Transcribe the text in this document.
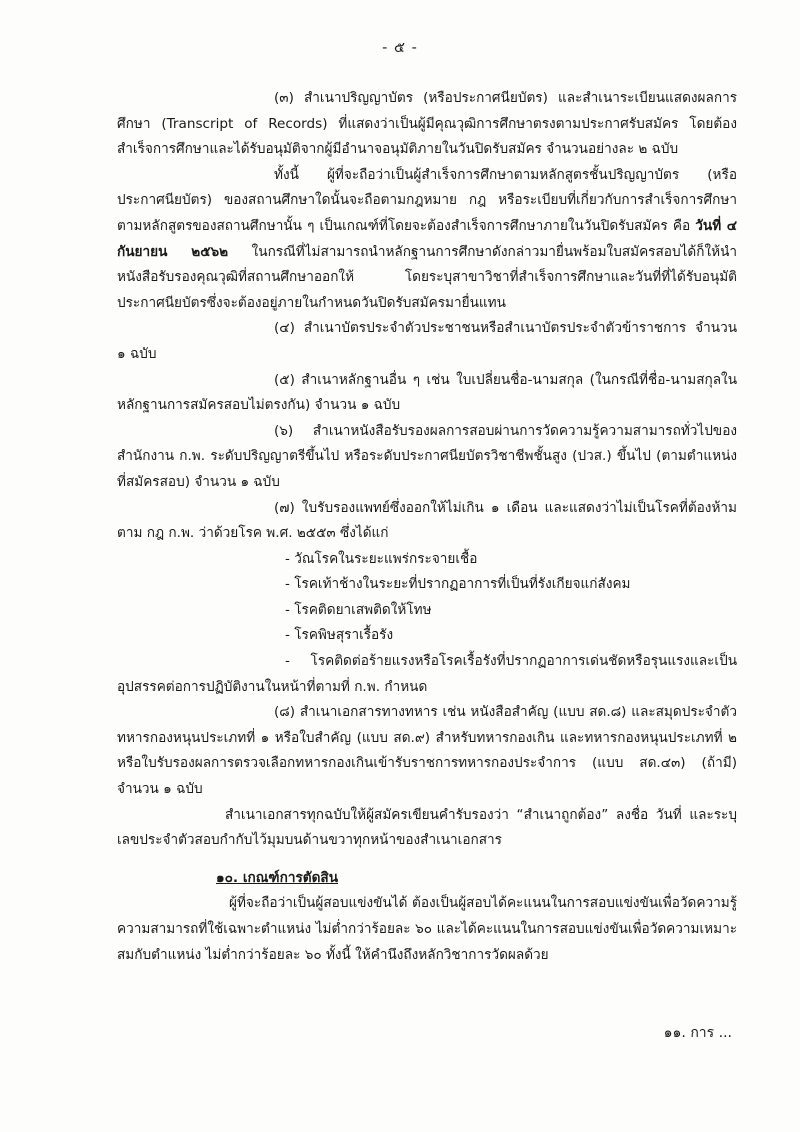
- ๕ -

(๓) สำเนาปริญญาบัตร (หรือประกาศนียบัตร) และสำเนาระเบียนแสดงผลการศึกษา (Transcript of Records) ที่แสดงว่าเป็นผู้มีคุณวุฒิการศึกษาตรงตามประกาศรับสมัคร โดยต้องสำเร็จการศึกษาและได้รับอนุมัติจากผู้มีอำนาจอนุมัติภายในวันปิดรับสมัคร จำนวนอย่างละ ๒ ฉบับ

ทั้งนี้ ผู้ที่จะถือว่าเป็นผู้สำเร็จการศึกษาตามหลักสูตรชั้นปริญญาบัตร (หรือประกาศนียบัตร) ของสถานศึกษาใดนั้นจะถือตามกฎหมาย กฎ หรือระเบียบที่เกี่ยวกับการสำเร็จการศึกษาตามหลักสูตรของสถานศึกษานั้น ๆ เป็นเกณฑ์ที่โดยจะต้องสำเร็จการศึกษาภายในวันปิดรับสมัคร คือ วันที่ ๔ กันยายน ๒๕๖๒ ในกรณีที่ไม่สามารถนำหลักฐานการศึกษาดังกล่าวมายื่นพร้อมใบสมัครสอบได้ก็ให้นำหนังสือรับรองคุณวุฒิที่สถานศึกษาออกให้ โดยระบุสาขาวิชาที่สำเร็จการศึกษาและวันที่ที่ได้รับอนุมัติประกาศนียบัตรซึ่งจะต้องอยู่ภายในกำหนดวันปิดรับสมัครมายื่นแทน

(๔) สำเนาบัตรประจำตัวประชาชนหรือสำเนาบัตรประจำตัวข้าราชการ จำนวน ๑ ฉบับ

(๕) สำเนาหลักฐานอื่น ๆ เช่น ใบเปลี่ยนชื่อ-นามสกุล (ในกรณีที่ชื่อ-นามสกุลในหลักฐานการสมัครสอบไม่ตรงกัน) จำนวน ๑ ฉบับ

(๖) สำเนาหนังสือรับรองผลการสอบผ่านการวัดความรู้ความสามารถทั่วไปของสำนักงาน ก.พ. ระดับปริญญาตรีขึ้นไป หรือระดับประกาศนียบัตรวิชาชีพชั้นสูง (ปวส.) ขึ้นไป (ตามตำแหน่งที่สมัครสอบ) จำนวน ๑ ฉบับ

(๗) ใบรับรองแพทย์ซึ่งออกให้ไม่เกิน ๑ เดือน และแสดงว่าไม่เป็นโรคที่ต้องห้ามตาม กฎ ก.พ. ว่าด้วยโรค พ.ศ. ๒๕๕๓ ซึ่งได้แก่

- วัณโรคในระยะแพร่กระจายเชื้อ

- โรคเท้าช้างในระยะที่ปรากฏอาการที่เป็นที่รังเกียจแก่สังคม

- โรคติดยาเสพติดให้โทษ

- โรคพิษสุราเรื้อรัง

- โรคติดต่อร้ายแรงหรือโรคเรื้อรังที่ปรากฏอาการเด่นชัดหรือรุนแรงและเป็นอุปสรรคต่อการปฏิบัติงานในหน้าที่ตามที่ ก.พ. กำหนด

(๘) สำเนาเอกสารทางทหาร เช่น หนังสือสำคัญ (แบบ สด.๘) และสมุดประจำตัวทหารกองหนุนประเภทที่ ๑ หรือใบสำคัญ (แบบ สด.๙) สำหรับทหารกองเกิน และทหารกองหนุนประเภทที่ ๒ หรือใบรับรองผลการตรวจเลือกทหารกองเกินเข้ารับราชการทหารกองประจำการ (แบบ สด.๔๓) (ถ้ามี) จำนวน ๑ ฉบับ

สำเนาเอกสารทุกฉบับให้ผู้สมัครเขียนคำรับรองว่า “สำเนาถูกต้อง” ลงชื่อ วันที่ และระบุเลขประจำตัวสอบกำกับไว้มุมบนด้านขวาทุกหน้าของสำเนาเอกสาร

๑๐. เกณฑ์การตัดสิน

ผู้ที่จะถือว่าเป็นผู้สอบแข่งขันได้ ต้องเป็นผู้สอบได้คะแนนในการสอบแข่งขันเพื่อวัดความรู้ความสามารถที่ใช้เฉพาะตำแหน่ง ไม่ต่ำกว่าร้อยละ ๖๐ และได้คะแนนในการสอบแข่งขันเพื่อวัดความเหมาะสมกับตำแหน่ง ไม่ต่ำกว่าร้อยละ ๖๐ ทั้งนี้ ให้คำนึงถึงหลักวิชาการวัดผลด้วย

๑๑. การ ...
